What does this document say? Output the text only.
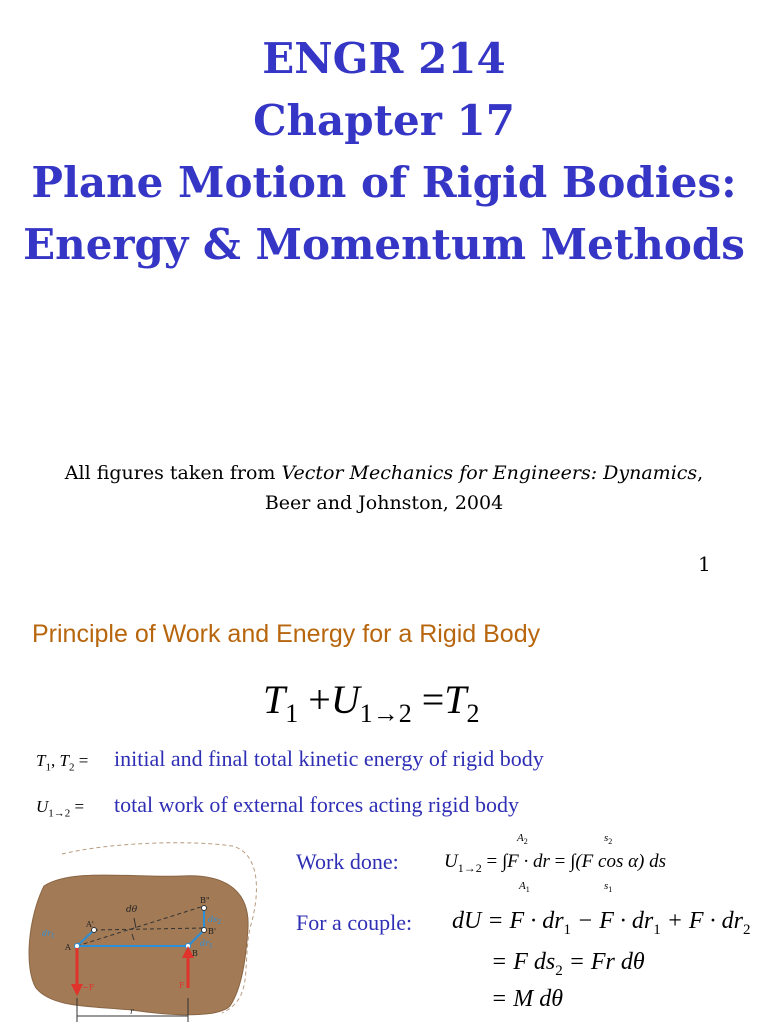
ENGR 214
Chapter 17
Plane Motion of Rigid Bodies:
Energy & Momentum Methods
All figures taken from Vector Mechanics for Engineers: Dynamics,
Beer and Johnston, 2004
1
Principle of Work and Energy for a Rigid Body
$T_1 +U_{1\to 2} =T_2$
$T_1$, $T_2$ = initial and final total kinetic energy of rigid body
$U_{1\to 2}$ = total work of external forces acting rigid body
Work done:
$A_2$
$A_1$
$s_2$
$s_1$
$U_{1\to 2} = \int F$ · dr = ∫(F cos α) ds
For a couple: dU = $F \cdot dr_1 - F \cdot dr_1 + F \cdot dr_2$
= F $ds_2 = Fr$ dθ
= M dθ
dθ
B"
$ds_2$
$dr_1$
A'
B'
$dr_1$
A
B
−F	F
r
